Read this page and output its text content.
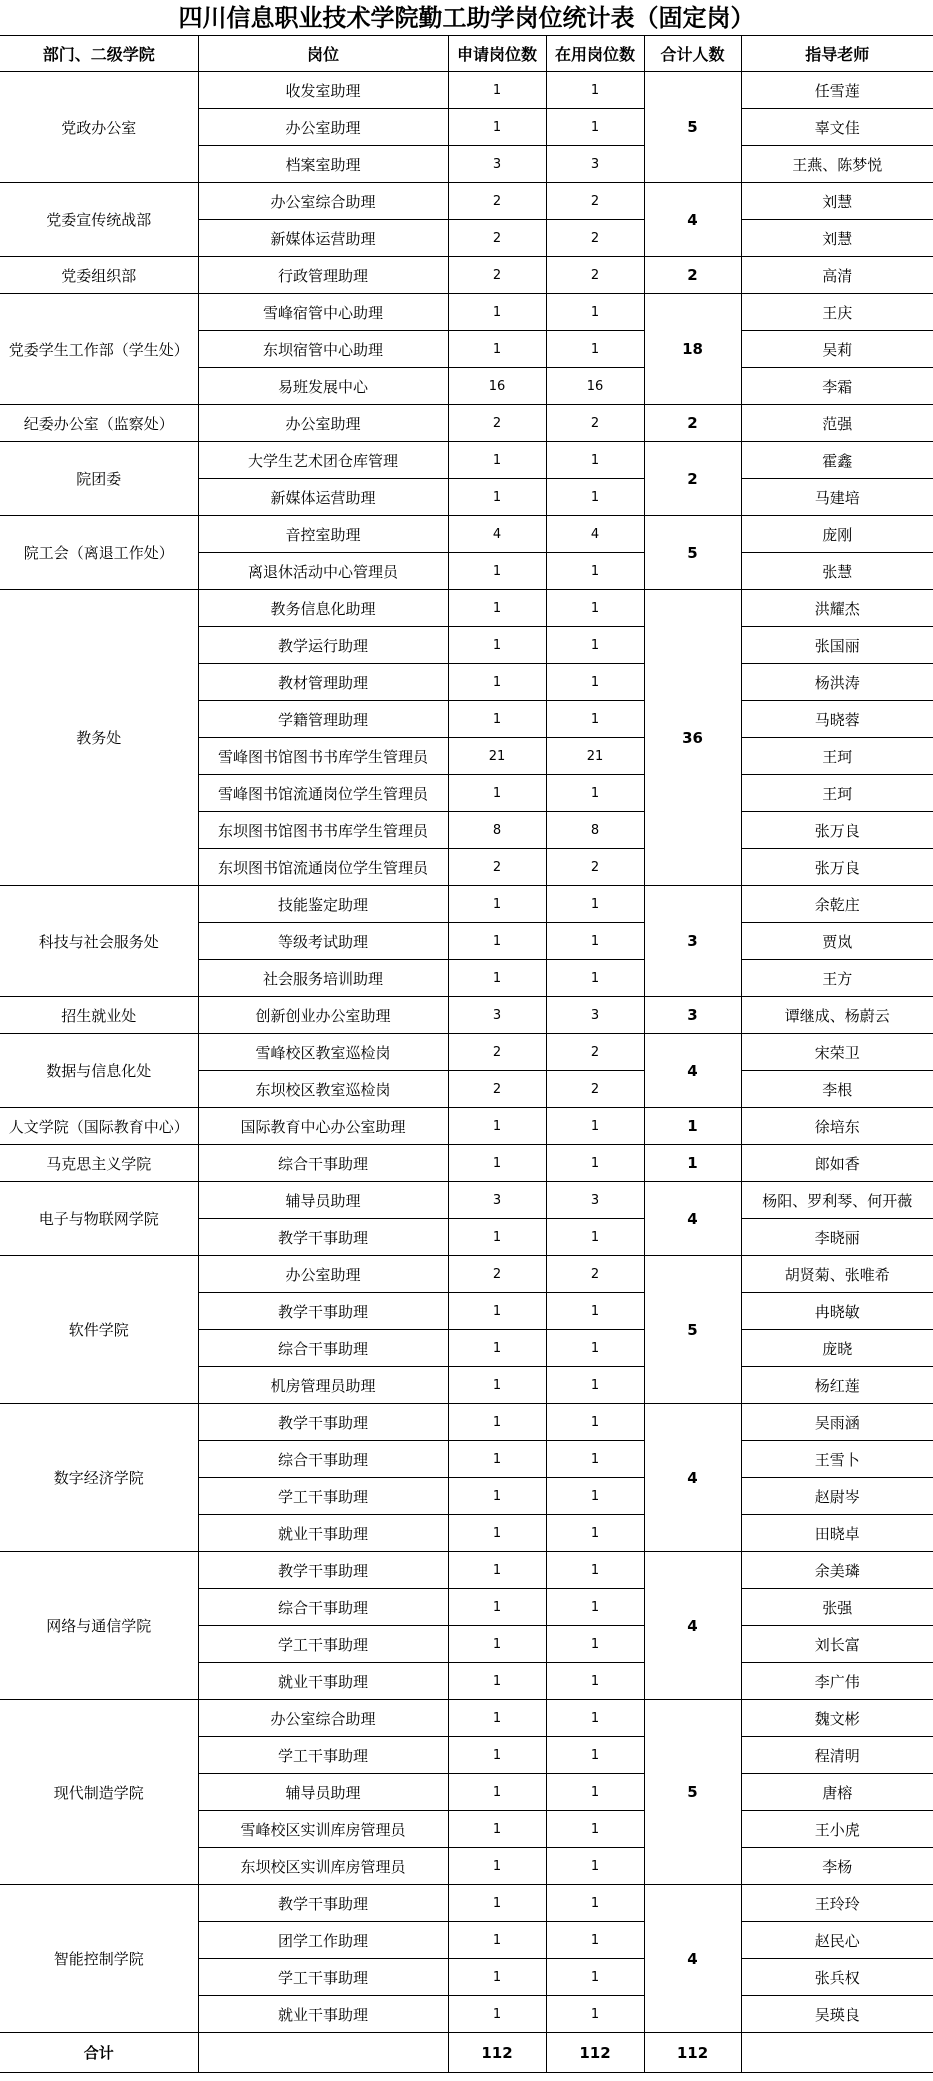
四川信息职业技术学院勤工助学岗位统计表（固定岗）
部门、二级学院	岗位	申请岗位数	在用岗位数	合计人数	指导老师
党政办公室	收发室助理	1	1	5	任雪莲
	办公室助理	1	1		辜文佳
	档案室助理	3	3		王燕、陈梦悦
党委宣传统战部	办公室综合助理	2	2	4	刘慧
	新媒体运营助理	2	2		刘慧
党委组织部	行政管理助理	2	2	2	高清
党委学生工作部（学生处）	雪峰宿管中心助理	1	1	18	王庆
	东坝宿管中心助理	1	1		吴莉
	易班发展中心	16	16		李霜
纪委办公室（监察处）	办公室助理	2	2	2	范强
院团委	大学生艺术团仓库管理	1	1	2	霍鑫
	新媒体运营助理	1	1		马建培
院工会（离退工作处）	音控室助理	4	4	5	庞刚
	离退休活动中心管理员	1	1		张慧
教务处	教务信息化助理	1	1	36	洪耀杰
	教学运行助理	1	1		张国丽
	教材管理助理	1	1		杨洪涛
	学籍管理助理	1	1		马晓蓉
	雪峰图书馆图书书库学生管理员	21	21		王珂
	雪峰图书馆流通岗位学生管理员	1	1		王珂
	东坝图书馆图书书库学生管理员	8	8		张万良
	东坝图书馆流通岗位学生管理员	2	2		张万良
科技与社会服务处	技能鉴定助理	1	1	3	余乾庄
	等级考试助理	1	1		贾岚
	社会服务培训助理	1	1		王方
招生就业处	创新创业办公室助理	3	3	3	谭继成、杨蔚云
数据与信息化处	雪峰校区教室巡检岗	2	2	4	宋荣卫
	东坝校区教室巡检岗	2	2		李根
人文学院（国际教育中心）	国际教育中心办公室助理	1	1	1	徐培东
马克思主义学院	综合干事助理	1	1	1	郎如香
电子与物联网学院	辅导员助理	3	3	4	杨阳、罗利琴、何开薇
	教学干事助理	1	1		李晓丽
软件学院	办公室助理	2	2	5	胡贤菊、张唯希
	教学干事助理	1	1		冉晓敏
	综合干事助理	1	1		庞晓
	机房管理员助理	1	1		杨红莲
数字经济学院	教学干事助理	1	1	4	吴雨涵
	综合干事助理	1	1		王雪卜
	学工干事助理	1	1		赵尉岑
	就业干事助理	1	1		田晓卓
网络与通信学院	教学干事助理	1	1	4	余美璘
	综合干事助理	1	1		张强
	学工干事助理	1	1		刘长富
	就业干事助理	1	1		李广伟
现代制造学院	办公室综合助理	1	1	5	魏文彬
	学工干事助理	1	1		程清明
	辅导员助理	1	1		唐榕
	雪峰校区实训库房管理员	1	1		王小虎
	东坝校区实训库房管理员	1	1		李杨
智能控制学院	教学干事助理	1	1	4	王玲玲
	团学工作助理	1	1		赵民心
	学工干事助理	1	1		张兵权
	就业干事助理	1	1		吴瑛良
合计		112	112	112	
